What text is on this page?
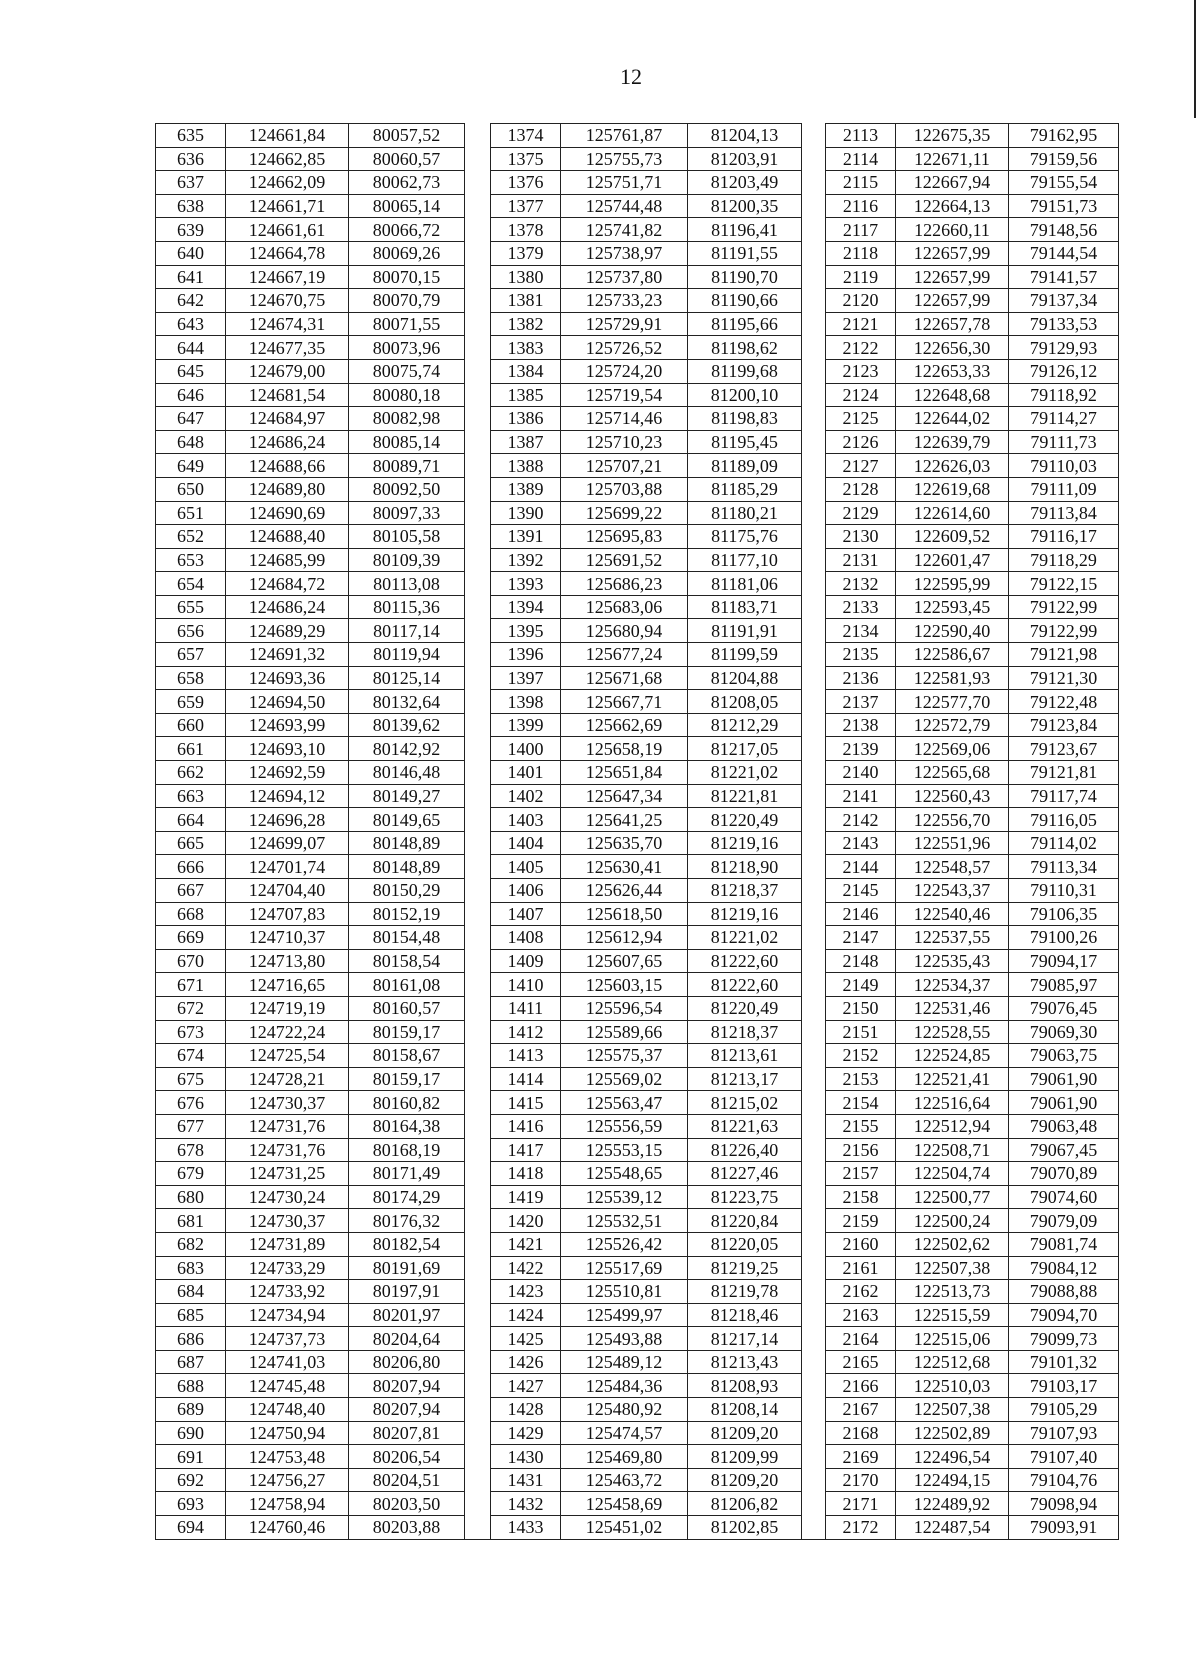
12
635	124661,84	80057,52		1374	125761,87	81204,13		2113	122675,35	79162,95
636	124662,85	80060,57		1375	125755,73	81203,91		2114	122671,11	79159,56
637	124662,09	80062,73		1376	125751,71	81203,49		2115	122667,94	79155,54
638	124661,71	80065,14		1377	125744,48	81200,35		2116	122664,13	79151,73
639	124661,61	80066,72		1378	125741,82	81196,41		2117	122660,11	79148,56
640	124664,78	80069,26		1379	125738,97	81191,55		2118	122657,99	79144,54
641	124667,19	80070,15		1380	125737,80	81190,70		2119	122657,99	79141,57
642	124670,75	80070,79		1381	125733,23	81190,66		2120	122657,99	79137,34
643	124674,31	80071,55		1382	125729,91	81195,66		2121	122657,78	79133,53
644	124677,35	80073,96		1383	125726,52	81198,62		2122	122656,30	79129,93
645	124679,00	80075,74		1384	125724,20	81199,68		2123	122653,33	79126,12
646	124681,54	80080,18		1385	125719,54	81200,10		2124	122648,68	79118,92
647	124684,97	80082,98		1386	125714,46	81198,83		2125	122644,02	79114,27
648	124686,24	80085,14		1387	125710,23	81195,45		2126	122639,79	79111,73
649	124688,66	80089,71		1388	125707,21	81189,09		2127	122626,03	79110,03
650	124689,80	80092,50		1389	125703,88	81185,29		2128	122619,68	79111,09
651	124690,69	80097,33		1390	125699,22	81180,21		2129	122614,60	79113,84
652	124688,40	80105,58		1391	125695,83	81175,76		2130	122609,52	79116,17
653	124685,99	80109,39		1392	125691,52	81177,10		2131	122601,47	79118,29
654	124684,72	80113,08		1393	125686,23	81181,06		2132	122595,99	79122,15
655	124686,24	80115,36		1394	125683,06	81183,71		2133	122593,45	79122,99
656	124689,29	80117,14		1395	125680,94	81191,91		2134	122590,40	79122,99
657	124691,32	80119,94		1396	125677,24	81199,59		2135	122586,67	79121,98
658	124693,36	80125,14		1397	125671,68	81204,88		2136	122581,93	79121,30
659	124694,50	80132,64		1398	125667,71	81208,05		2137	122577,70	79122,48
660	124693,99	80139,62		1399	125662,69	81212,29		2138	122572,79	79123,84
661	124693,10	80142,92		1400	125658,19	81217,05		2139	122569,06	79123,67
662	124692,59	80146,48		1401	125651,84	81221,02		2140	122565,68	79121,81
663	124694,12	80149,27		1402	125647,34	81221,81		2141	122560,43	79117,74
664	124696,28	80149,65		1403	125641,25	81220,49		2142	122556,70	79116,05
665	124699,07	80148,89		1404	125635,70	81219,16		2143	122551,96	79114,02
666	124701,74	80148,89		1405	125630,41	81218,90		2144	122548,57	79113,34
667	124704,40	80150,29		1406	125626,44	81218,37		2145	122543,37	79110,31
668	124707,83	80152,19		1407	125618,50	81219,16		2146	122540,46	79106,35
669	124710,37	80154,48		1408	125612,94	81221,02		2147	122537,55	79100,26
670	124713,80	80158,54		1409	125607,65	81222,60		2148	122535,43	79094,17
671	124716,65	80161,08		1410	125603,15	81222,60		2149	122534,37	79085,97
672	124719,19	80160,57		1411	125596,54	81220,49		2150	122531,46	79076,45
673	124722,24	80159,17		1412	125589,66	81218,37		2151	122528,55	79069,30
674	124725,54	80158,67		1413	125575,37	81213,61		2152	122524,85	79063,75
675	124728,21	80159,17		1414	125569,02	81213,17		2153	122521,41	79061,90
676	124730,37	80160,82		1415	125563,47	81215,02		2154	122516,64	79061,90
677	124731,76	80164,38		1416	125556,59	81221,63		2155	122512,94	79063,48
678	124731,76	80168,19		1417	125553,15	81226,40		2156	122508,71	79067,45
679	124731,25	80171,49		1418	125548,65	81227,46		2157	122504,74	79070,89
680	124730,24	80174,29		1419	125539,12	81223,75		2158	122500,77	79074,60
681	124730,37	80176,32		1420	125532,51	81220,84		2159	122500,24	79079,09
682	124731,89	80182,54		1421	125526,42	81220,05		2160	122502,62	79081,74
683	124733,29	80191,69		1422	125517,69	81219,25		2161	122507,38	79084,12
684	124733,92	80197,91		1423	125510,81	81219,78		2162	122513,73	79088,88
685	124734,94	80201,97		1424	125499,97	81218,46		2163	122515,59	79094,70
686	124737,73	80204,64		1425	125493,88	81217,14		2164	122515,06	79099,73
687	124741,03	80206,80		1426	125489,12	81213,43		2165	122512,68	79101,32
688	124745,48	80207,94		1427	125484,36	81208,93		2166	122510,03	79103,17
689	124748,40	80207,94		1428	125480,92	81208,14		2167	122507,38	79105,29
690	124750,94	80207,81		1429	125474,57	81209,20		2168	122502,89	79107,93
691	124753,48	80206,54		1430	125469,80	81209,99		2169	122496,54	79107,40
692	124756,27	80204,51		1431	125463,72	81209,20		2170	122494,15	79104,76
693	124758,94	80203,50		1432	125458,69	81206,82		2171	122489,92	79098,94
694	124760,46	80203,88		1433	125451,02	81202,85		2172	122487,54	79093,91
